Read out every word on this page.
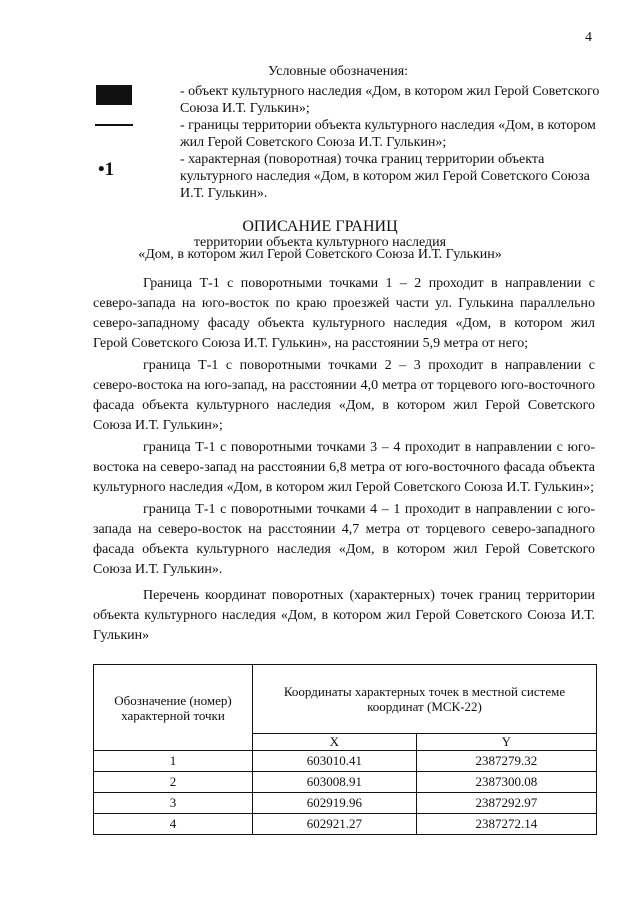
4
Условные обозначения:
- объект культурного наследия «Дом, в котором жил Герой Советского Союза И.Т. Гулькин»;
- границы территории объекта культурного наследия «Дом, в котором жил Герой Советского Союза И.Т. Гулькин»;
•1	- характерная (поворотная) точка границ территории объекта культурного наследия «Дом, в котором жил Герой Советского Союза И.Т. Гулькин».
ОПИСАНИЕ ГРАНИЦ
территории объекта культурного наследия
«Дом, в котором жил Герой Советского Союза И.Т. Гулькин»

Граница Т-1 с поворотными точками 1 – 2 проходит в направлении с северо-запада на юго-восток по краю проезжей части ул. Гулькина параллельно северо-западному фасаду объекта культурного наследия «Дом, в котором жил Герой Советского Союза И.Т. Гулькин», на расстоянии 5,9 метра от него;

граница Т-1 с поворотными точками 2 – 3 проходит в направлении с северо-востока на юго-запад, на расстоянии 4,0 метра от торцевого юго-восточного фасада объекта культурного наследия «Дом, в котором жил Герой Советского Союза И.Т. Гулькин»;

граница Т-1 с поворотными точками 3 – 4 проходит в направлении с юго-востока на северо-запад на расстоянии 6,8 метра от юго-восточного фасада объекта культурного наследия «Дом, в котором жил Герой Советского Союза И.Т. Гулькин»;

граница Т-1 с поворотными точками 4 – 1 проходит в направлении с юго-запада на северо-восток на расстоянии 4,7 метра от торцевого северо-западного фасада объекта культурного наследия «Дом, в котором жил Герой Советского Союза И.Т. Гулькин».

Перечень координат поворотных (характерных) точек границ территории объекта культурного наследия «Дом, в котором жил Герой Советского Союза И.Т. Гулькин»

Обозначение (номер) характерной точки	Координаты характерных точек в местной системе координат (МСК-22)	
	X	Y
1	603010.41	2387279.32
2	603008.91	2387300.08
3	602919.96	2387292.97
4	602921.27	2387272.14
